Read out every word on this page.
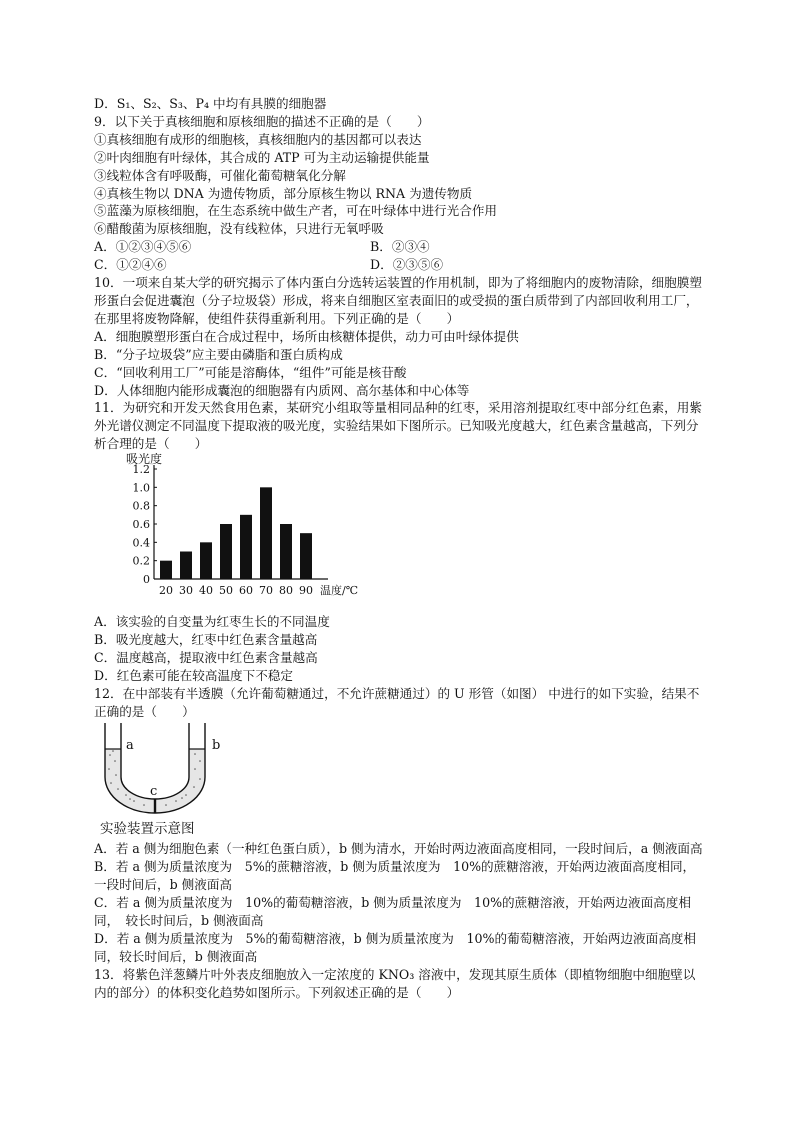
D．S₁、S₂、S₃、P₄ 中均有具膜的细胞器
9．以下关于真核细胞和原核细胞的描述不正确的是（　　）
①真核细胞有成形的细胞核，真核细胞内的基因都可以表达
②叶肉细胞有叶绿体，其合成的 ATP 可为主动运输提供能量
③线粒体含有呼吸酶，可催化葡萄糖氧化分解
④真核生物以 DNA 为遗传物质，部分原核生物以 RNA 为遗传物质
⑤蓝藻为原核细胞，在生态系统中做生产者，可在叶绿体中进行光合作用
⑥醋酸菌为原核细胞，没有线粒体，只进行无氧呼吸
A．①②③④⑤⑥	B．②③④
C．①②④⑥	D．②③⑤⑥
10．一项来自某大学的研究揭示了体内蛋白分选转运装置的作用机制，即为了将细胞内的废物清除，细胞膜塑形蛋白会促进囊泡（分子垃圾袋）形成，将来自细胞区室表面旧的或受损的蛋白质带到了内部回收利用工厂，在那里将废物降解，使组件获得重新利用。下列正确的是（　　）
A．细胞膜塑形蛋白在合成过程中，场所由核糖体提供，动力可由叶绿体提供
B．“分子垃圾袋”应主要由磷脂和蛋白质构成
C．“回收利用工厂”可能是溶酶体，“组件”可能是核苷酸
D．人体细胞内能形成囊泡的细胞器有内质网、高尔基体和中心体等
11．为研究和开发天然食用色素，某研究小组取等量相同品种的红枣，采用溶剂提取红枣中部分红色素，用紫外光谱仪测定不同温度下提取液的吸光度，实验结果如下图所示。已知吸光度越大，红色素含量越高，下列分析合理的是（　　）
0
0.2
0.4
0.6
0.8
1.0
1.2
20 30 40 50 60 70 80 90
吸光度
温度/℃
A．该实验的自变量为红枣生长的不同温度
B．吸光度越大，红枣中红色素含量越高
C．温度越高，提取液中红色素含量越高
D．红色素可能在较高温度下不稳定
12．在中部装有半透膜（允许葡萄糖通过，不允许蔗糖通过）的 U 形管（如图） 中进行的如下实验，结果不正确的是（　　）
a	b
c
实验装置示意图
A．若 a 侧为细胞色素（一种红色蛋白质），b 侧为清水，开始时两边液面高度相同，一段时间后，a 侧液面高
B．若 a 侧为质量浓度为　5%的蔗糖溶液，b 侧为质量浓度为　10%的蔗糖溶液，开始两边液面高度相同，一段时间后，b 侧液面高
C．若 a 侧为质量浓度为　10%的葡萄糖溶液，b 侧为质量浓度为　10%的蔗糖溶液，开始两边液面高度相同，　较长时间后，b 侧液面高
D．若 a 侧为质量浓度为　5%的葡萄糖溶液，b 侧为质量浓度为　10%的葡萄糖溶液，开始两边液面高度相同，较长时间后，b 侧液面高
13．将紫色洋葱鳞片叶外表皮细胞放入一定浓度的 KNO₃ 溶液中，发现其原生质体（即植物细胞中细胞壁以内的部分）的体积变化趋势如图所示。下列叙述正确的是（　　）
